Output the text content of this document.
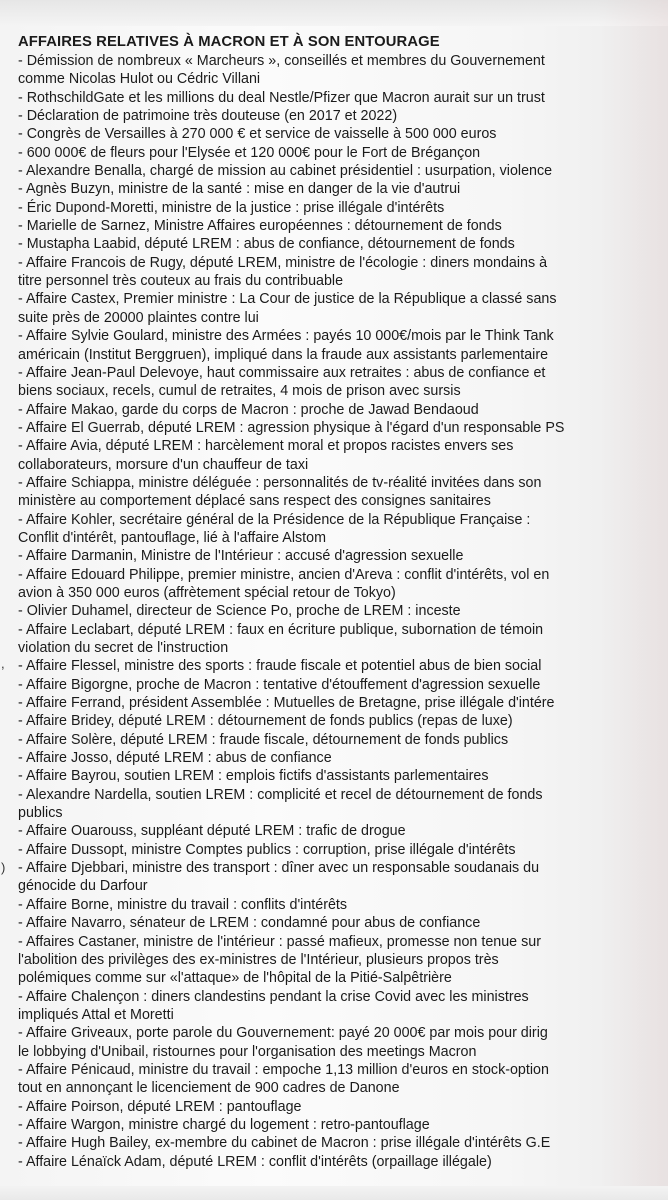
AFFAIRES RELATIVES À MACRON ET À SON ENTOURAGE
- Démission de nombreux « Marcheurs », conseillés et membres du Gouvernement
comme Nicolas Hulot ou Cédric Villani
- RothschildGate et les millions du deal Nestle/Pfizer que Macron aurait sur un trust
- Déclaration de patrimoine très douteuse (en 2017 et 2022)
- Congrès de Versailles à 270 000 € et service de vaisselle à 500 000 euros
- 600 000€ de fleurs pour l'Elysée et 120 000€ pour le Fort de Brégançon
- Alexandre Benalla, chargé de mission au cabinet présidentiel : usurpation, violence
- Agnès Buzyn, ministre de la santé : mise en danger de la vie d'autrui
- Éric Dupond-Moretti, ministre de la justice : prise illégale d'intérêts
- Marielle de Sarnez, Ministre Affaires européennes : détournement de fonds
- Mustapha Laabid, député LREM : abus de confiance, détournement de fonds
- Affaire Francois de Rugy, député LREM, ministre de l'écologie : diners mondains à
titre personnel très couteux au frais du contribuable
- Affaire Castex, Premier ministre : La Cour de justice de la République a classé sans
suite près de 20000 plaintes contre lui
- Affaire Sylvie Goulard, ministre des Armées : payés 10 000€/mois par le Think Tank
américain (Institut Berggruen), impliqué dans la fraude aux assistants parlementaire
- Affaire Jean-Paul Delevoye, haut commissaire aux retraites : abus de confiance et
biens sociaux, recels, cumul de retraites, 4 mois de prison avec sursis
- Affaire Makao, garde du corps de Macron : proche de Jawad Bendaoud
- Affaire El Guerrab, député LREM : agression physique à l'égard d'un responsable PS
- Affaire Avia, député LREM : harcèlement moral et propos racistes envers ses
collaborateurs, morsure d'un chauffeur de taxi
- Affaire Schiappa, ministre déléguée : personnalités de tv-réalité invitées dans son
ministère au comportement déplacé sans respect des consignes sanitaires
- Affaire Kohler, secrétaire général de la Présidence de la République Française :
Conflit d'intérêt, pantouflage, lié à l'affaire Alstom
- Affaire Darmanin, Ministre de l'Intérieur : accusé d'agression sexuelle
- Affaire Edouard Philippe, premier ministre, ancien d'Areva : conflit d'intérêts, vol en
avion à 350 000 euros (affrètement spécial retour de Tokyo)
- Olivier Duhamel, directeur de Science Po, proche de LREM : inceste
- Affaire Leclabart, député LREM : faux en écriture publique, subornation de témoin
violation du secret de l'instruction
- Affaire Flessel, ministre des sports : fraude fiscale et potentiel abus de bien social
- Affaire Bigorgne, proche de Macron : tentative d'étouffement d'agression sexuelle
- Affaire Ferrand, président Assemblée : Mutuelles de Bretagne, prise illégale d'intére
- Affaire Bridey, député LREM : détournement de fonds publics (repas de luxe)
- Affaire Solère, député LREM : fraude fiscale, détournement de fonds publics
- Affaire Josso, député LREM : abus de confiance
- Affaire Bayrou, soutien LREM : emplois fictifs d'assistants parlementaires
- Alexandre Nardella, soutien LREM : complicité et recel de détournement de fonds
publics
- Affaire Ouarouss, suppléant député LREM : trafic de drogue
- Affaire Dussopt, ministre Comptes publics : corruption, prise illégale d'intérêts
- Affaire Djebbari, ministre des transport : dîner avec un responsable soudanais du
génocide du Darfour
- Affaire Borne, ministre du travail : conflits d'intérêts
- Affaire Navarro, sénateur de LREM : condamné pour abus de confiance
- Affaires Castaner, ministre de l'intérieur : passé mafieux, promesse non tenue sur
l'abolition des privilèges des ex-ministres de l'Intérieur, plusieurs propos très
polémiques comme sur «l'attaque» de l'hôpital de la Pitié-Salpêtrière
- Affaire Chalençon : diners clandestins pendant la crise Covid avec les ministres
impliqués Attal et Moretti
- Affaire Griveaux, porte parole du Gouvernement: payé 20 000€ par mois pour dirig
le lobbying d'Unibail, ristournes pour l'organisation des meetings Macron
- Affaire Pénicaud, ministre du travail : empoche 1,13 million d'euros en stock-option
tout en annonçant le licenciement de 900 cadres de Danone
- Affaire Poirson, député LREM : pantouflage
- Affaire Wargon, ministre chargé du logement : retro-pantouflage
- Affaire Hugh Bailey, ex-membre du cabinet de Macron : prise illégale d'intérêts G.E
- Affaire Lénaïck Adam, député LREM : conflit d'intérêts (orpaillage illégale)
,
)
